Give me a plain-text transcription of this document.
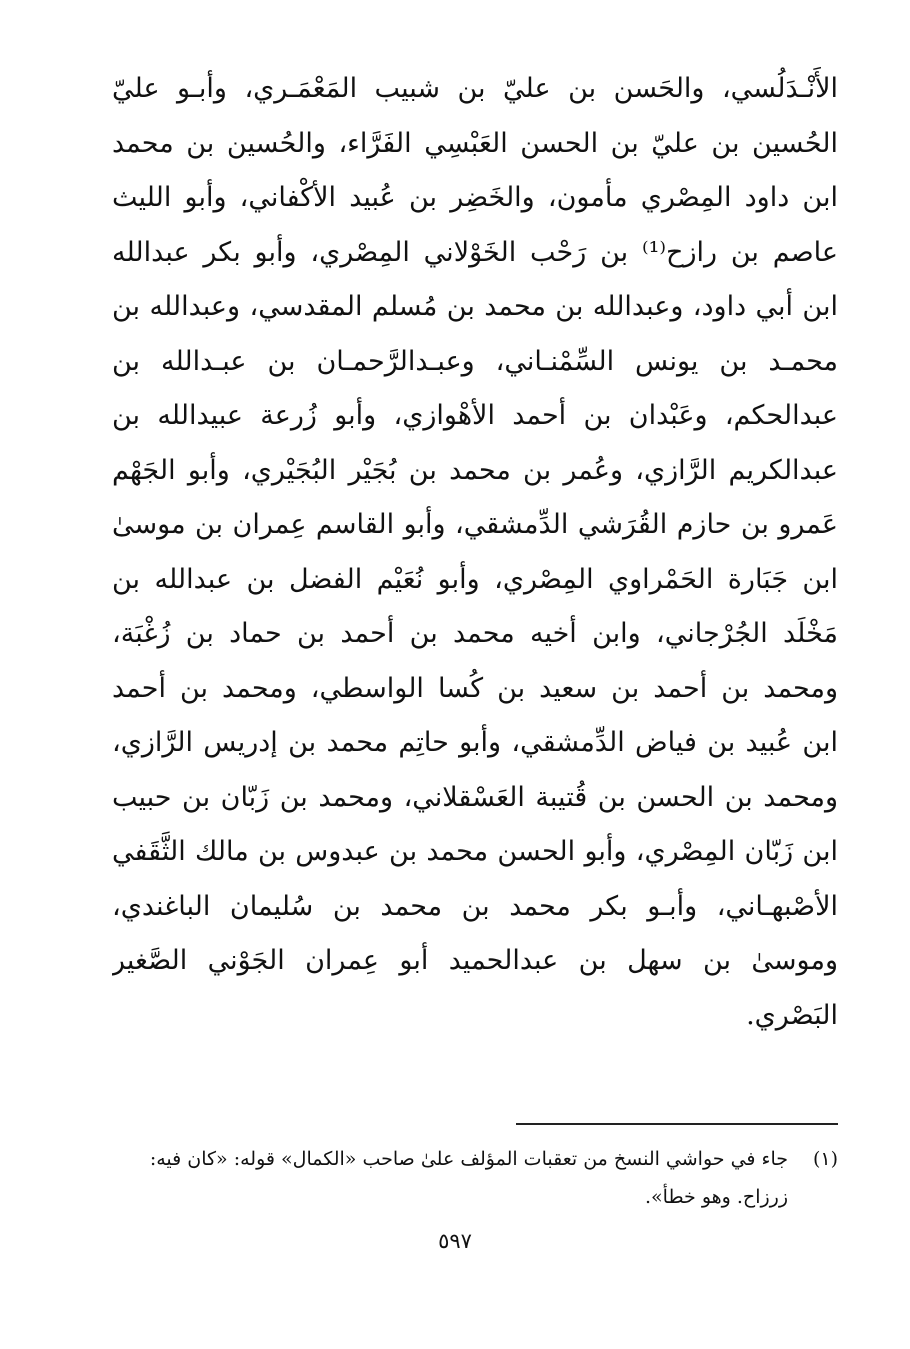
الأَنْـدَلُسي، والحَسن بن عليّ بن شبيب المَعْمَـري، وأبـو عليّ
الحُسين بن عليّ بن الحسن العَبْسِي الفَرَّاء، والحُسين بن محمد
ابن داود المِصْري مأمون، والخَضِر بن عُبيد الأكْفاني، وأبو الليث
عاصم بن رازح⁽¹⁾ بن رَحْب الخَوْلاني المِصْري، وأبو بكر عبدالله
ابن أبي داود، وعبدالله بن محمد بن مُسلم المقدسي، وعبدالله بن
محمـد بن يونس السِّمْنـاني، وعبـدالرَّحمـان بن عبـدالله بن
عبدالحكم، وعَبْدان بن أحمد الأهْوازي، وأبو زُرعة عبيدالله بن
عبدالكريم الرَّازي، وعُمر بن محمد بن بُجَيْر البُجَيْري، وأبو الجَهْم
عَمرو بن حازم القُرَشي الدِّمشقي، وأبو القاسم عِمران بن موسىٰ
ابن جَبَارة الحَمْراوي المِصْري، وأبو نُعَيْم الفضل بن عبدالله بن
مَخْلَد الجُرْجاني، وابن أخيه محمد بن أحمد بن حماد بن زُغْبَة،
ومحمد بن أحمد بن سعيد بن كُسا الواسطي، ومحمد بن أحمد
ابن عُبيد بن فياض الدِّمشقي، وأبو حاتِم محمد بن إدريس الرَّازي،
ومحمد بن الحسن بن قُتيبة العَسْقلاني، ومحمد بن زَبّان بن حبيب
ابن زَبّان المِصْري، وأبو الحسن محمد بن عبدوس بن مالك الثَّقَفي
الأصْبهـاني، وأبـو بكر محمد بن محمد بن سُليمان الباغندي،
وموسىٰ بن سهل بن عبدالحميد أبو عِمران الجَوْني الصَّغير
البَصْري.
(١)جاء في حواشي النسخ من تعقبات المؤلف علىٰ صاحب «الكمال» قوله: «كان فيه:
زرزاح. وهو خطأ».
٥٩٧
